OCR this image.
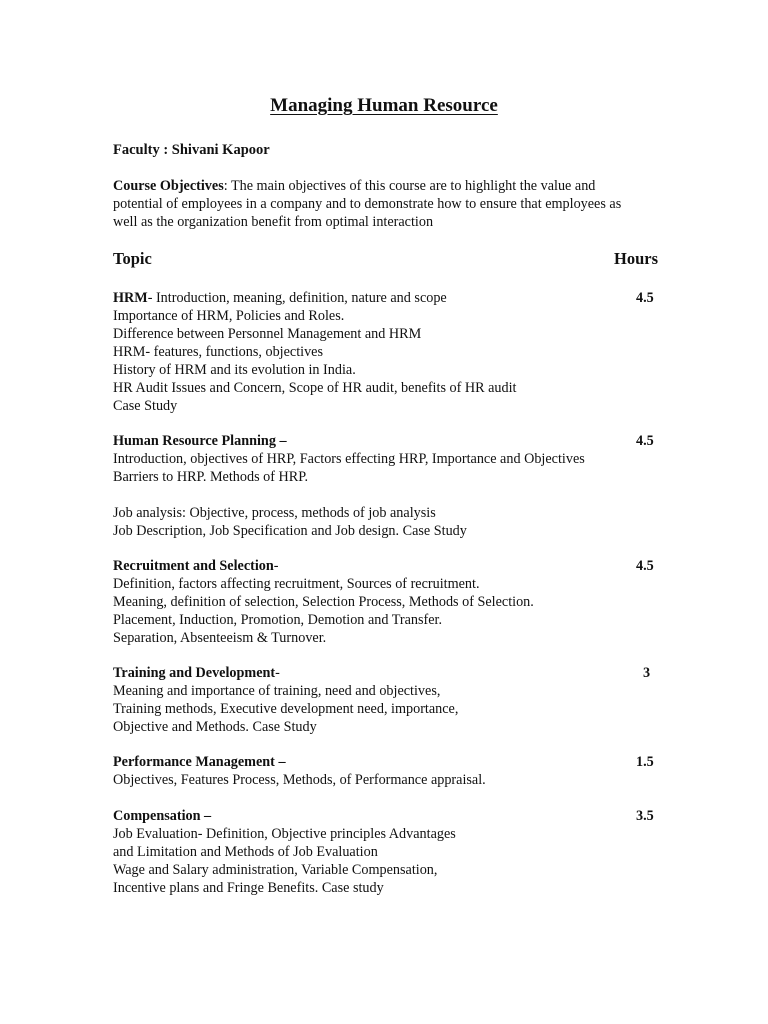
Managing Human Resource
Faculty : Shivani Kapoor
Course Objectives: The main objectives of this course are to highlight the value and
potential of employees in a company and to demonstrate how to ensure that employees as
well as the organization benefit from optimal interaction
Topic	Hours
HRM- Introduction, meaning, definition, nature and scope	4.5
Importance of HRM, Policies and Roles.
Difference between Personnel Management and HRM
HRM- features, functions, objectives
History of HRM and its evolution in India.
HR Audit Issues and Concern, Scope of HR audit, benefits of HR audit
Case Study
Human Resource Planning –	4.5
Introduction, objectives of HRP, Factors effecting HRP, Importance and Objectives
Barriers to HRP. Methods of HRP.
Job analysis: Objective, process, methods of job analysis
Job Description, Job Specification and Job design. Case Study
Recruitment and Selection-	4.5
Definition, factors affecting recruitment, Sources of recruitment.
Meaning, definition of selection, Selection Process, Methods of Selection.
Placement, Induction, Promotion, Demotion and Transfer.
Separation, Absenteeism & Turnover.
Training and Development-	3
Meaning and importance of training, need and objectives,
Training methods, Executive development need, importance,
Objective and Methods. Case Study
Performance Management –	1.5
Objectives, Features Process, Methods, of Performance appraisal.
Compensation –	3.5
Job Evaluation- Definition, Objective principles Advantages
and Limitation and Methods of Job Evaluation
Wage and Salary administration, Variable Compensation,
Incentive plans and Fringe Benefits. Case study
